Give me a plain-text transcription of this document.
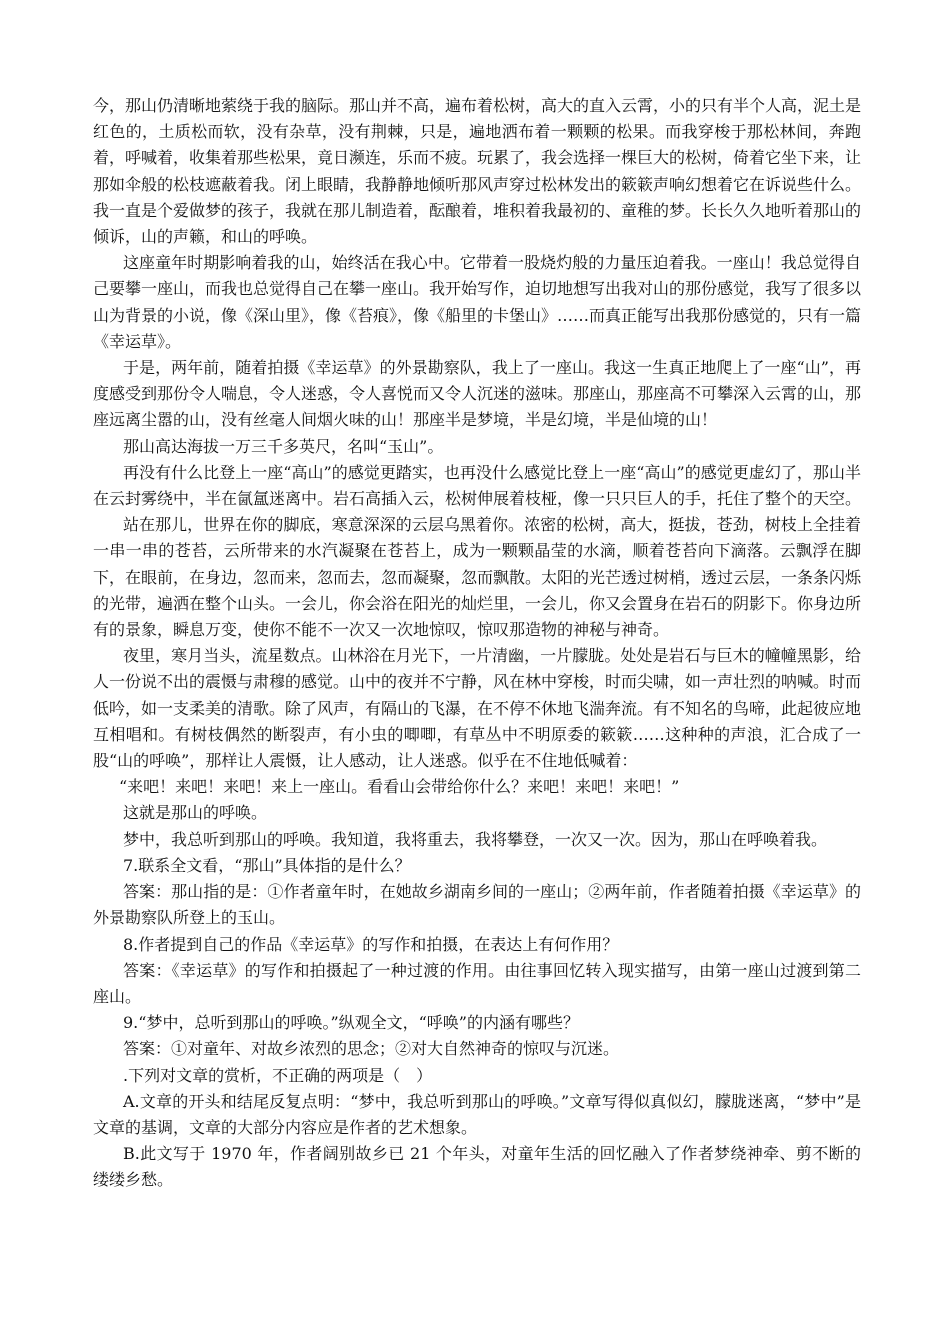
今，那山仍清晰地萦绕于我的脑际。那山并不高，遍布着松树，高大的直入云霄，小的只有半个人高，泥土是红色的，土质松而软，没有杂草，没有荆棘，只是，遍地洒布着一颗颗的松果。而我穿梭于那松林间，奔跑着，呼喊着，收集着那些松果，竟日濒连，乐而不疲。玩累了，我会选择一棵巨大的松树，倚着它坐下来，让那如伞般的松枝遮蔽着我。闭上眼睛，我静静地倾听那风声穿过松林发出的簌簌声响幻想着它在诉说些什么。我一直是个爱做梦的孩子，我就在那儿制造着，酝酿着，堆积着我最初的、童稚的梦。长长久久地听着那山的倾诉，山的声籁，和山的呼唤。

这座童年时期影响着我的山，始终活在我心中。它带着一股烧灼般的力量压迫着我。一座山！我总觉得自己要攀一座山，而我也总觉得自己在攀一座山。我开始写作，迫切地想写出我对山的那份感觉，我写了很多以山为背景的小说，像《深山里》，像《苔痕》，像《船里的卡堡山》……而真正能写出我那份感觉的，只有一篇《幸运草》。

于是，两年前，随着拍摄《幸运草》的外景勘察队，我上了一座山。我这一生真正地爬上了一座“山”，再度感受到那份令人喘息，令人迷惑，令人喜悦而又令人沉迷的滋味。那座山，那座高不可攀深入云霄的山，那座远离尘嚣的山，没有丝毫人间烟火味的山！那座半是梦境，半是幻境，半是仙境的山！

那山高达海拔一万三千多英尺，名叫“玉山”。

再没有什么比登上一座“高山”的感觉更踏实，也再没什么感觉比登上一座“高山”的感觉更虚幻了，那山半在云封雾绕中，半在氤氲迷离中。岩石高插入云，松树伸展着枝桠，像一只只巨人的手，托住了整个的天空。

站在那儿，世界在你的脚底，寒意深深的云层乌黑着你。浓密的松树，高大，挺拔，苍劲，树枝上全挂着一串一串的苍苔，云所带来的水汽凝聚在苍苔上，成为一颗颗晶莹的水滴，顺着苍苔向下滴落。云飘浮在脚下，在眼前，在身边，忽而来，忽而去，忽而凝聚，忽而飘散。太阳的光芒透过树梢，透过云层，一条条闪烁的光带，遍洒在整个山头。一会儿，你会浴在阳光的灿烂里，一会儿，你又会置身在岩石的阴影下。你身边所有的景象，瞬息万变，使你不能不一次又一次地惊叹，惊叹那造物的神秘与神奇。

夜里，寒月当头，流星数点。山林浴在月光下，一片清幽，一片朦胧。处处是岩石与巨木的幢幢黑影，给人一份说不出的震慑与肃穆的感觉。山中的夜并不宁静，风在林中穿梭，时而尖啸，如一声壮烈的呐喊。时而低吟，如一支柔美的清歌。除了风声，有隔山的飞瀑，在不停不休地飞湍奔流。有不知名的鸟啼，此起彼应地互相唱和。有树枝偶然的断裂声，有小虫的唧唧，有草丛中不明原委的簌簌……这种种的声浪，汇合成了一股“山的呼唤”，那样让人震慑，让人感动，让人迷惑。似乎在不住地低喊着：

“来吧！来吧！来吧！来上一座山。看看山会带给你什么？来吧！来吧！来吧！”

这就是那山的呼唤。

梦中，我总听到那山的呼唤。我知道，我将重去，我将攀登，一次又一次。因为，那山在呼唤着我。

7.联系全文看，“那山”具体指的是什么？

答案：那山指的是：①作者童年时，在她故乡湖南乡间的一座山；②两年前，作者随着拍摄《幸运草》的外景勘察队所登上的玉山。

8.作者提到自己的作品《幸运草》的写作和拍摄，在表达上有何作用？

答案：《幸运草》的写作和拍摄起了一种过渡的作用。由往事回忆转入现实描写，由第一座山过渡到第二座山。

9.“梦中，总听到那山的呼唤。”纵观全文，“呼唤”的内涵有哪些？

答案：①对童年、对故乡浓烈的思念；②对大自然神奇的惊叹与沉迷。

.下列对文章的赏析，不正确的两项是（　）

A.文章的开头和结尾反复点明：“梦中，我总听到那山的呼唤。”文章写得似真似幻，朦胧迷离，“梦中”是文章的基调，文章的大部分内容应是作者的艺术想象。

B.此文写于 1970 年，作者阔别故乡已 21 个年头，对童年生活的回忆融入了作者梦绕神牵、剪不断的缕缕乡愁。
